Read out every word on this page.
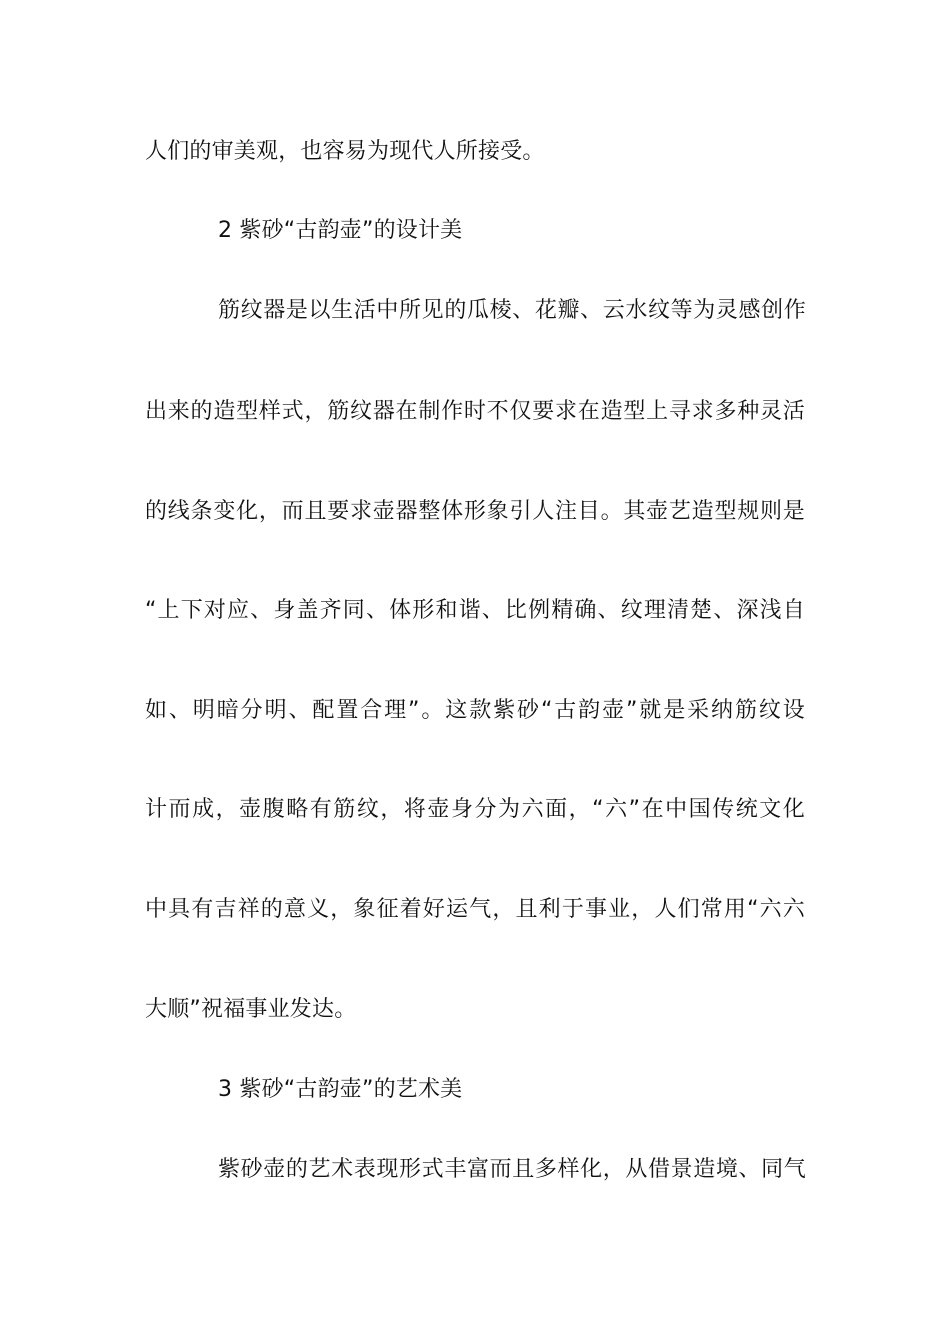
人们的审美观，也容易为现代人所接受。
2 紫砂“古韵壶”的设计美
筋纹器是以生活中所见的瓜棱、花瓣、云水纹等为灵感创作
出来的造型样式，筋纹器在制作时不仅要求在造型上寻求多种灵活
的线条变化，而且要求壶器整体形象引人注目。其壶艺造型规则是
“上下对应、身盖齐同、体形和谐、比例精确、纹理清楚、深浅自
如、明暗分明、配置合理”。这款紫砂“古韵壶”就是采纳筋纹设
计而成，壶腹略有筋纹，将壶身分为六面，“六”在中国传统文化
中具有吉祥的意义，象征着好运气，且利于事业，人们常用“六六
大顺”祝福事业发达。
3 紫砂“古韵壶”的艺术美
紫砂壶的艺术表现形式丰富而且多样化，从借景造境、同气
